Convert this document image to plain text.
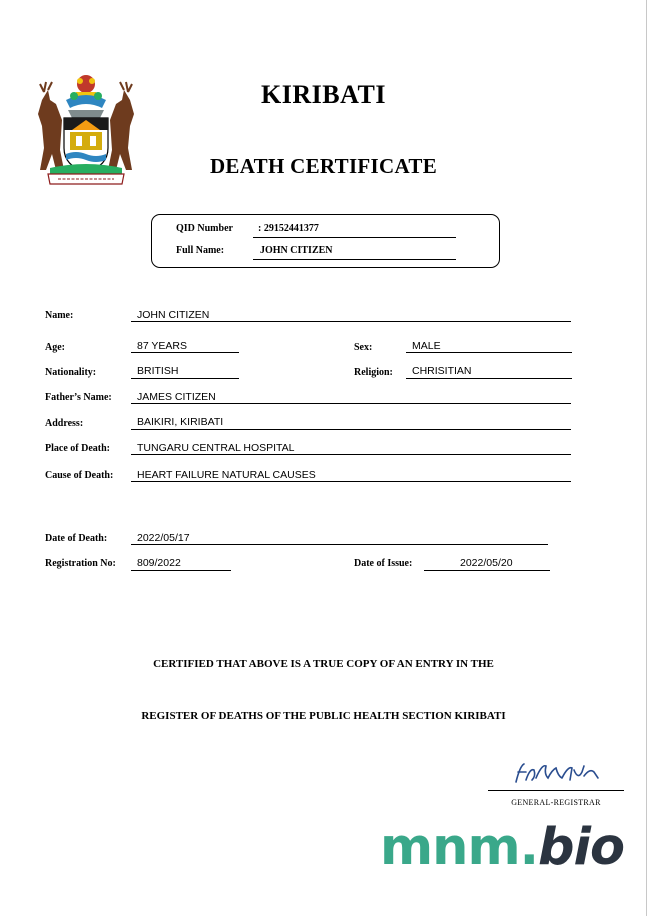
KIRIBATI
DEATH CERTIFICATE
QID Number	: 29152441377
Full Name:	JOHN CITIZEN
Name:	JOHN CITIZEN
Age:	87 YEARS	Sex:	MALE
Nationality:	BRITISH	Religion: CHRISITIAN
Father’s Name: JAMES CITIZEN
Address:	BAIKIRI, KIRIBATI
Place of Death:	TUNGARU CENTRAL HOSPITAL
Cause of Death: HEART FAILURE NATURAL CAUSES
Date of Death:	2022/05/17
Registration No: 809/2022	Date of Issue:	2022/05/20
CERTIFIED THAT ABOVE IS A TRUE COPY OF AN ENTRY IN THE
REGISTER OF DEATHS OF THE PUBLIC HEALTH SECTION KIRIBATI
GENERAL-REGISTRAR
mnm.bio
